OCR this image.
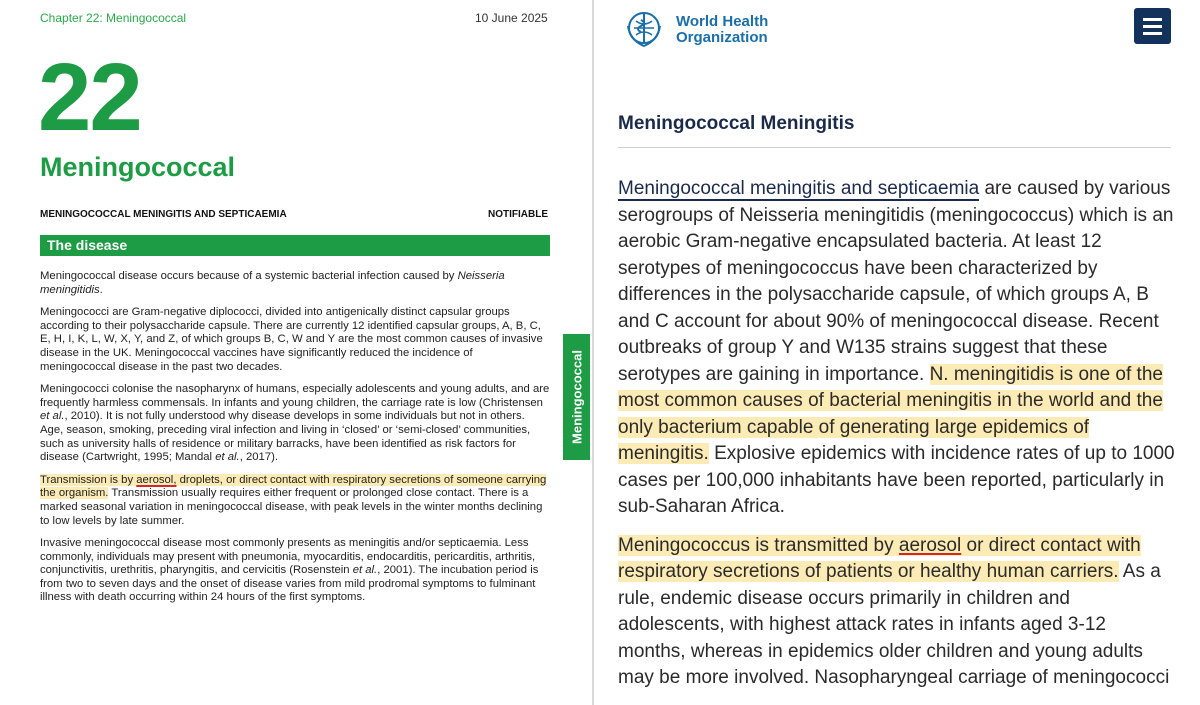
Chapter 22: Meningococcal	10 June 2025
22
Meningococcal
MENINGOCOCCAL MENINGITIS AND SEPTICAEMIA	NOTIFIABLE
The disease
Meningococcal

Meningococcal disease occurs because of a systemic bacterial infection caused by Neisseria meningitidis.

Meningococci are Gram-negative diplococci, divided into antigenically distinct capsular groups according to their polysaccharide capsule. There are currently 12 identified capsular groups, A, B, C, E, H, I, K, L, W, X, Y, and Z, of which groups B, C, W and Y are the most common causes of invasive disease in the UK. Meningococcal vaccines have significantly reduced the incidence of meningococcal disease in the past two decades.

Meningococci colonise the nasopharynx of humans, especially adolescents and young adults, and are frequently harmless commensals. In infants and young children, the carriage rate is low (Christensen et al., 2010). It is not fully understood why disease develops in some individuals but not in others. Age, season, smoking, preceding viral infection and living in ‘closed’ or ‘semi-closed’ communities, such as university halls of residence or military barracks, have been identified as risk factors for disease (Cartwright, 1995; Mandal et al., 2017).

Transmission is by aerosol, droplets, or direct contact with respiratory secretions of someone carrying the organism. Transmission usually requires either frequent or prolonged close contact. There is a marked seasonal variation in meningococcal disease, with peak levels in the winter months declining to low levels by late summer.

Invasive meningococcal disease most commonly presents as meningitis and/or septicaemia. Less commonly, individuals may present with pneumonia, myocarditis, endocarditis, pericarditis, arthritis, conjunctivitis, urethritis, pharyngitis, and cervicitis (Rosenstein et al., 2001). The incubation period is from two to seven days and the onset of disease varies from mild prodromal symptoms to fulminant illness with death occurring within 24 hours of the first symptoms.

World Health
Organization
Meningococcal Meningitis

Meningococcal meningitis and septicaemia are caused by various serogroups of Neisseria meningitidis (meningococcus) which is an aerobic Gram-negative encapsulated bacteria. At least 12 serotypes of meningococcus have been characterized by differences in the polysaccharide capsule, of which groups A, B and C account for about 90% of meningococcal disease. Recent outbreaks of group Y and W135 strains suggest that these serotypes are gaining in importance. N. meningitidis is one of the most common causes of bacterial meningitis in the world and the only bacterium capable of generating large epidemics of meningitis. Explosive epidemics with incidence rates of up to 1000 cases per 100,000 inhabitants have been reported, particularly in sub-Saharan Africa.

Meningococcus is transmitted by aerosol or direct contact with respiratory secretions of patients or healthy human carriers. As a rule, endemic disease occurs primarily in children and adolescents, with highest attack rates in infants aged 3-12 months, whereas in epidemics older children and young adults may be more involved. Nasopharyngeal carriage of meningococci
